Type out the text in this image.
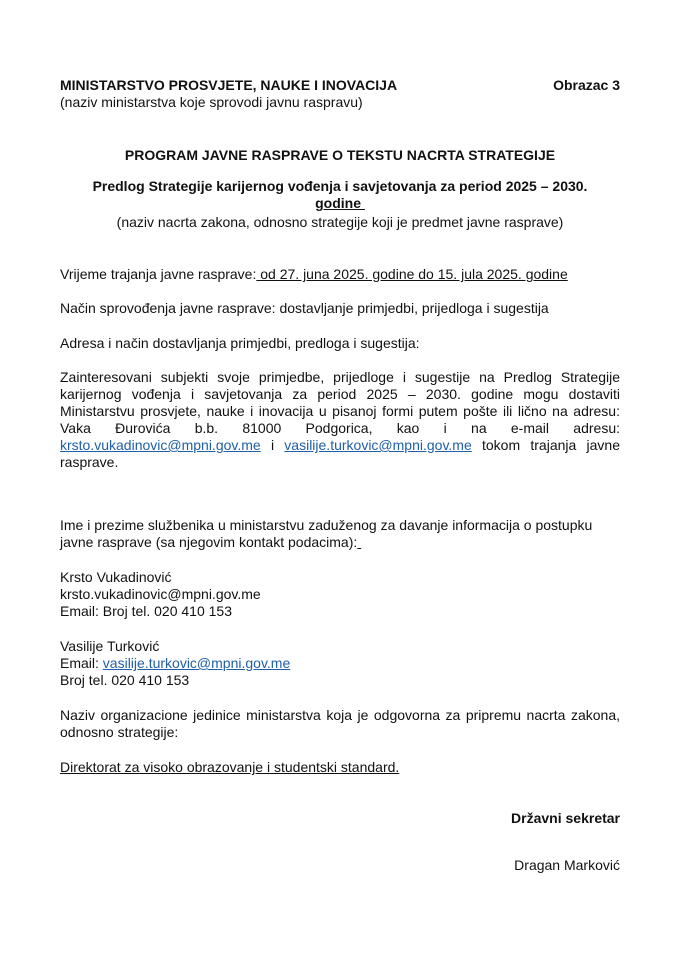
MINISTARSTVO PROSVJETE, NAUKE I INOVACIJA	Obrazac 3
(naziv ministarstva koje sprovodi javnu raspravu)
PROGRAM JAVNE RASPRAVE O TEKSTU NACRTA STRATEGIJE
Predlog Strategije karijernog vođenja i savjetovanja za period 2025 – 2030.
godine
(naziv nacrta zakona, odnosno strategije koji je predmet javne rasprave)
Vrijeme trajanja javne rasprave: od 27. juna 2025. godine do 15. jula 2025. godine
Način sprovođenja javne rasprave: dostavljanje primjedbi, prijedloga i sugestija
Adresa i način dostavljanja primjedbi, predloga i sugestija:
Zainteresovani subjekti svoje primjedbe, prijedloge i sugestije na Predlog Strategije karijernog vođenja i savjetovanja za period 2025 – 2030. godine mogu dostaviti Ministarstvu prosvjete, nauke i inovacija u pisanoj formi putem pošte ili lično na adresu: Vaka Đurovića b.b. 81000 Podgorica, kao i na e-mail adresu: krsto.vukadinovic@mpni.gov.me i vasilije.turkovic@mpni.gov.me tokom trajanja javne rasprave.
Ime i prezime službenika u ministarstvu zaduženog za davanje informacija o postupku javne rasprave (sa njegovim kontakt podacima):
Krsto Vukadinović
krsto.vukadinovic@mpni.gov.me
Email: Broj tel. 020 410 153
Vasilije Turković
Email: vasilije.turkovic@mpni.gov.me
Broj tel. 020 410 153
Naziv organizacione jedinice ministarstva koja je odgovorna za pripremu nacrta zakona, odnosno strategije:
Direktorat za visoko obrazovanje i studentski standard.
Državni sekretar
Dragan Marković
